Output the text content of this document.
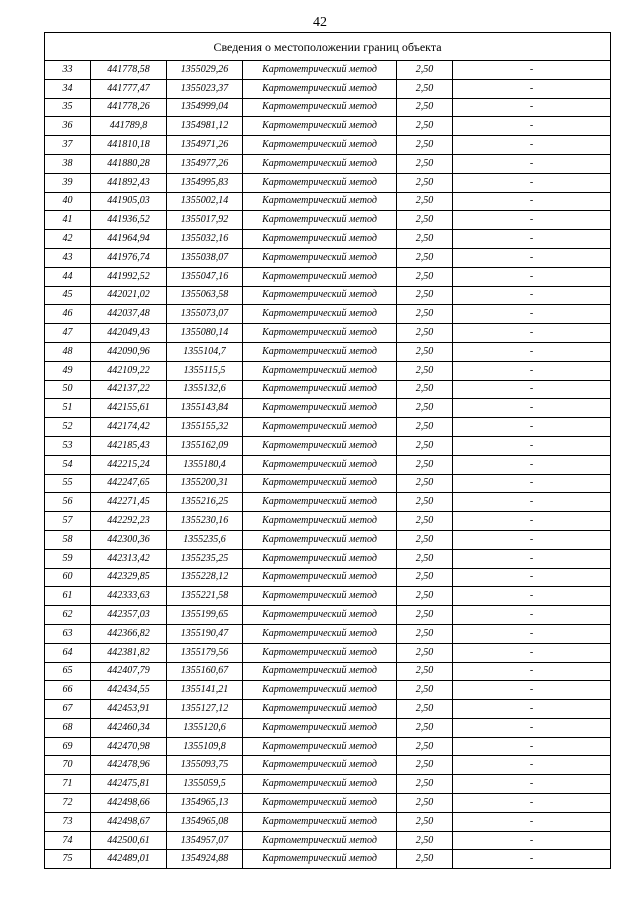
42
Сведения о местоположении границ объекта					
33	441778,58	1355029,26	Картометрический метод	2,50	-
34	441777,47	1355023,37	Картометрический метод	2,50	-
35	441778,26	1354999,04	Картометрический метод	2,50	-
36	441789,8	1354981,12	Картометрический метод	2,50	-
37	441810,18	1354971,26	Картометрический метод	2,50	-
38	441880,28	1354977,26	Картометрический метод	2,50	-
39	441892,43	1354995,83	Картометрический метод	2,50	-
40	441905,03	1355002,14	Картометрический метод	2,50	-
41	441936,52	1355017,92	Картометрический метод	2,50	-
42	441964,94	1355032,16	Картометрический метод	2,50	-
43	441976,74	1355038,07	Картометрический метод	2,50	-
44	441992,52	1355047,16	Картометрический метод	2,50	-
45	442021,02	1355063,58	Картометрический метод	2,50	-
46	442037,48	1355073,07	Картометрический метод	2,50	-
47	442049,43	1355080,14	Картометрический метод	2,50	-
48	442090,96	1355104,7	Картометрический метод	2,50	-
49	442109,22	1355115,5	Картометрический метод	2,50	-
50	442137,22	1355132,6	Картометрический метод	2,50	-
51	442155,61	1355143,84	Картометрический метод	2,50	-
52	442174,42	1355155,32	Картометрический метод	2,50	-
53	442185,43	1355162,09	Картометрический метод	2,50	-
54	442215,24	1355180,4	Картометрический метод	2,50	-
55	442247,65	1355200,31	Картометрический метод	2,50	-
56	442271,45	1355216,25	Картометрический метод	2,50	-
57	442292,23	1355230,16	Картометрический метод	2,50	-
58	442300,36	1355235,6	Картометрический метод	2,50	-
59	442313,42	1355235,25	Картометрический метод	2,50	-
60	442329,85	1355228,12	Картометрический метод	2,50	-
61	442333,63	1355221,58	Картометрический метод	2,50	-
62	442357,03	1355199,65	Картометрический метод	2,50	-
63	442366,82	1355190,47	Картометрический метод	2,50	-
64	442381,82	1355179,56	Картометрический метод	2,50	-
65	442407,79	1355160,67	Картометрический метод	2,50	-
66	442434,55	1355141,21	Картометрический метод	2,50	-
67	442453,91	1355127,12	Картометрический метод	2,50	-
68	442460,34	1355120,6	Картометрический метод	2,50	-
69	442470,98	1355109,8	Картометрический метод	2,50	-
70	442478,96	1355093,75	Картометрический метод	2,50	-
71	442475,81	1355059,5	Картометрический метод	2,50	-
72	442498,66	1354965,13	Картометрический метод	2,50	-
73	442498,67	1354965,08	Картометрический метод	2,50	-
74	442500,61	1354957,07	Картометрический метод	2,50	-
75	442489,01	1354924,88	Картометрический метод	2,50	-
